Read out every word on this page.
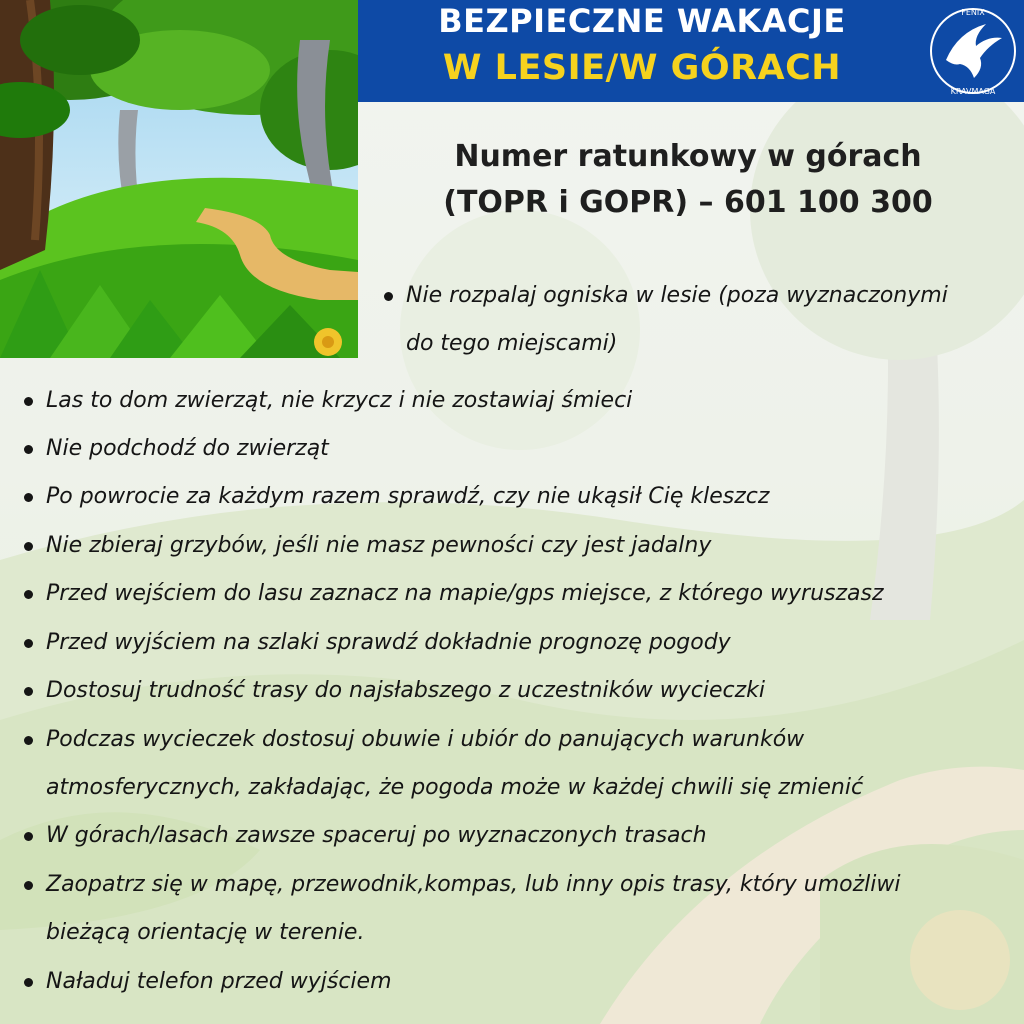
BEZPIECZNE WAKACJE
W LESIE/W GÓRACH
FENIX
KRAVMAGA
Numer ratunkowy w górach
(TOPR i GOPR) – 601 100 300
Nie rozpalaj ogniska w lesie (poza wyznaczonymi
do tego miejscami)
Las to dom zwierząt, nie krzycz i nie zostawiaj śmieci
Nie podchodź do zwierząt
Po powrocie za każdym razem sprawdź, czy nie ukąsił Cię kleszcz
Nie zbieraj grzybów, jeśli nie masz pewności czy jest jadalny
Przed wejściem do lasu zaznacz na mapie/gps miejsce, z którego wyruszasz
Przed wyjściem na szlaki sprawdź dokładnie prognozę pogody
Dostosuj trudność trasy do najsłabszego z uczestników wycieczki
Podczas wycieczek dostosuj obuwie i ubiór do panujących warunków
atmosferycznych, zakładając, że pogoda może w każdej chwili się zmienić
W górach/lasach zawsze spaceruj po wyznaczonych trasach
Zaopatrz się w mapę, przewodnik,kompas, lub inny opis trasy, który umożliwi
bieżącą orientację w terenie.
Naładuj telefon przed wyjściem
